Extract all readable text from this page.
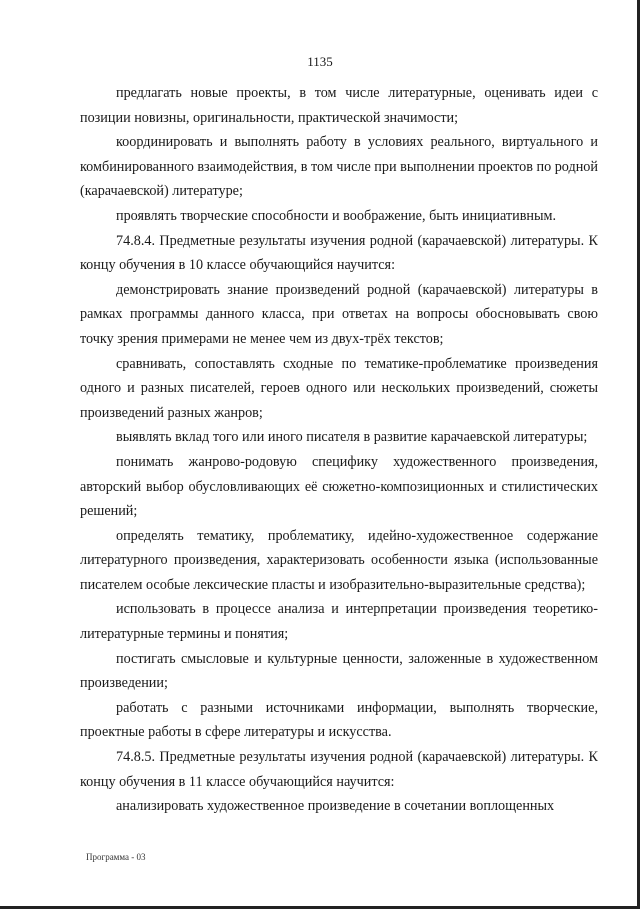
1135

предлагать новые проекты, в том числе литературные, оценивать идеи с позиции новизны, оригинальности, практической значимости;

координировать и выполнять работу в условиях реального, виртуального и комбинированного взаимодействия, в том числе при выполнении проектов по родной (карачаевской) литературе;

проявлять творческие способности и воображение, быть инициативным.

74.8.4. Предметные результаты изучения родной (карачаевской) литературы. К концу обучения в 10 классе обучающийся научится:

демонстрировать знание произведений родной (карачаевской) литературы в рамках программы данного класса, при ответах на вопросы обосновывать свою точку зрения примерами не менее чем из двух-трёх текстов;

сравнивать, сопоставлять сходные по тематике-проблематике произведения одного и разных писателей, героев одного или нескольких произведений, сюжеты произведений разных жанров;

выявлять вклад того или иного писателя в развитие карачаевской литературы;

понимать жанрово-родовую специфику художественного произведения, авторский выбор обусловливающих её сюжетно-композиционных и стилистических решений;

определять тематику, проблематику, идейно-художественное содержание литературного произведения, характеризовать особенности языка (использованные писателем особые лексические пласты и изобразительно-выразительные средства);

использовать в процессе анализа и интерпретации произведения теоретико-литературные термины и понятия;

постигать смысловые и культурные ценности, заложенные в художественном произведении;

работать с разными источниками информации, выполнять творческие, проектные работы в сфере литературы и искусства.

74.8.5. Предметные результаты изучения родной (карачаевской) литературы. К концу обучения в 11 классе обучающийся научится:

анализировать художественное произведение в сочетании воплощенных

Программа - 03
